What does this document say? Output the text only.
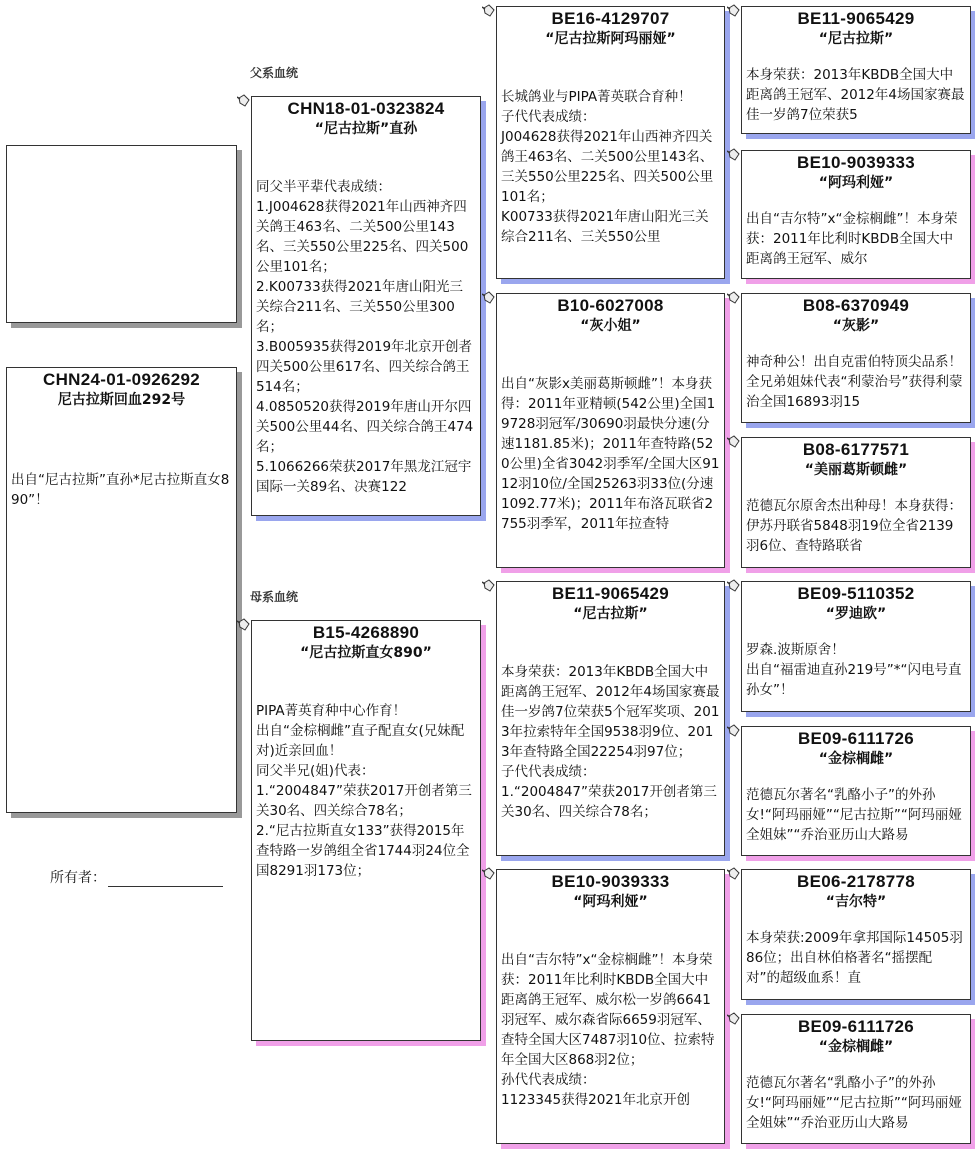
父系血统
母系血统
所有者：
CHN24-01-0926292
尼古拉斯回血292号
出自“尼古拉斯”直孙*尼古拉斯直女890”！
CHN18-01-0323824
“尼古拉斯”直孙
同父半平辈代表成绩：
1.J004628获得2021年山西神齐四关鸽王463名、二关500公里143名、三关550公里225名、四关500公里101名；
2.K00733获得2021年唐山阳光三关综合211名、三关550公里300名；
3.B005935获得2019年北京开创者四关500公里617名、四关综合鸽王514名；
4.0850520获得2019年唐山开尔四关500公里44名、四关综合鸽王474名；
5.1066266荣获2017年黑龙江冠宇国际一关89名、决赛122
B15-4268890
“尼古拉斯直女890”
PIPA菁英育种中心作育！
出自“金棕榈雌”直子配直女(兄妹配对)近亲回血！
同父半兄(姐)代表：
1.“2004847”荣获2017开创者第三关30名、四关综合78名；
2.“尼古拉斯直女133”获得2015年查特路一岁鸽组全省1744羽24位全国8291羽173位；
BE16-4129707
“尼古拉斯阿玛丽娅”
长城鸽业与PIPA菁英联合育种！
子代代表成绩：
J004628获得2021年山西神齐四关鸽王463名、二关500公里143名、三关550公里225名、四关500公里101名；
K00733获得2021年唐山阳光三关综合211名、三关550公里
B10-6027008
“灰小姐”
出自“灰影x美丽葛斯顿雌”！本身获得：2011年亚精顿(542公里)全国19728羽冠军/30690羽最快分速(分速1181.85米)；2011年查特路(520公里)全省3042羽季军/全国大区9112羽10位/全国25263羽33位(分速1092.77米)；2011年布洛瓦联省2755羽季军，2011年拉查特
BE11-9065429
“尼古拉斯”
本身荣获：2013年KBDB全国大中距离鸽王冠军、2012年4场国家赛最佳一岁鸽7位荣获5个冠军奖项、2013年拉索特年全国9538羽9位、2013年查特路全国22254羽97位；
子代代表成绩：
1.“2004847”荣获2017开创者第三关30名、四关综合78名；
BE10-9039333
“阿玛利娅”
出自“吉尔特”x“金棕榈雌”！本身荣获：2011年比利时KBDB全国大中距离鸽王冠军、威尔松一岁鸽6641羽冠军、威尔森省际6659羽冠军、查特全国大区7487羽10位、拉索特年全国大区868羽2位；
孙代代表成绩：
1123345获得2021年北京开创
BE11-9065429
“尼古拉斯”
本身荣获：2013年KBDB全国大中距离鸽王冠军、2012年4场国家赛最佳一岁鸽7位荣获5
BE10-9039333
“阿玛利娅”
出自“吉尔特”x“金棕榈雌”！本身荣获：2011年比利时KBDB全国大中距离鸽王冠军、威尔
B08-6370949
“灰影”
神奇种公！出自克雷伯特顶尖品系！全兄弟姐妹代表“利蒙治号”获得利蒙治全国16893羽15
B08-6177571
“美丽葛斯顿雌”
范德瓦尔原舍杰出种母！本身获得：伊苏丹联省5848羽19位全省2139羽6位、查特路联省
BE09-5110352
“罗迪欧”
罗森.波斯原舍！
出自“福雷迪直孙219号”*“闪电号直孙女”！
BE09-6111726
“金棕榈雌”
范德瓦尔著名“乳酪小子”的外孙女!“阿玛丽娅”“尼古拉斯”“阿玛丽娅全姐妹”“乔治亚历山大路易
BE06-2178778
“吉尔特”
本身荣获:2009年拿邦国际14505羽86位；出自林伯格著名“摇摆配对”的超级血系！直
BE09-6111726
“金棕榈雌”
范德瓦尔著名“乳酪小子”的外孙女!“阿玛丽娅”“尼古拉斯”“阿玛丽娅全姐妹”“乔治亚历山大路易
